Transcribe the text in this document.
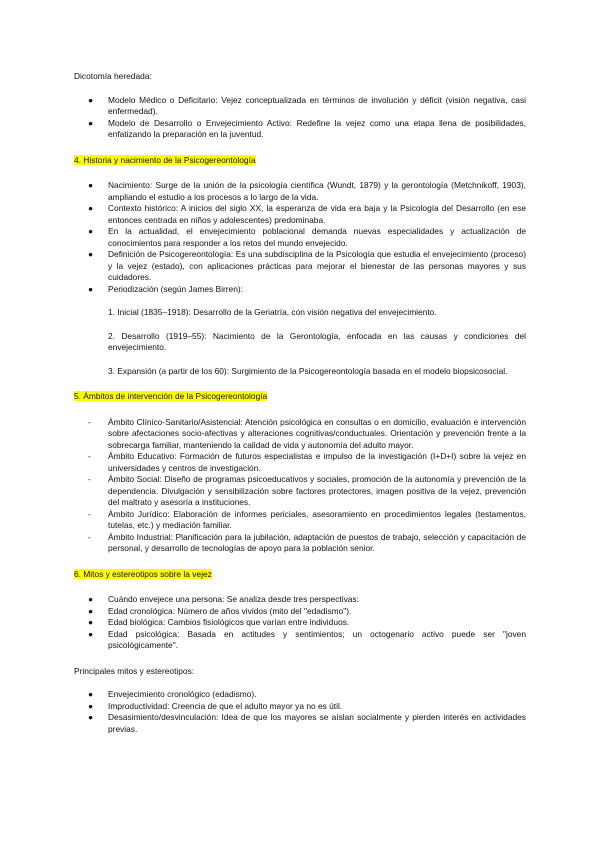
Dicotomía heredada:

●	Modelo Médico o Deficitario: Vejez conceptualizada en términos de involución y déficit (visión negativa, casi enfermedad).
●	Modelo de Desarrollo o Envejecimiento Activo: Redefine la vejez como una etapa llena de posibilidades, enfatizando la preparación en la juventud.

4. Historia y nacimiento de la Psicogereontología

●	Nacimiento: Surge de la unión de la psicología científica (Wundt, 1879) y la gerontología (Metchnikoff, 1903), ampliando el estudio a los procesos a lo largo de la vida.
●	Contexto histórico: A inicios del siglo XX, la esperanza de vida era baja y la Psicología del Desarrollo (en ese entonces centrada en niños y adolescentes) predominaba.
●	En la actualidad, el envejecimiento poblacional demanda nuevas especialidades y actualización de conocimientos para responder a los retos del mundo envejecido.
●	Definición de Psicogereontología: Es una subdisciplina de la Psicología que estudia el envejecimiento (proceso) y la vejez (estado), con aplicaciones prácticas para mejorar el bienestar de las personas mayores y sus cuidadores.
●	Periodización (según James Birren):

1. Inicial (1835–1918): Desarrollo de la Geriatría, con visión negativa del envejecimiento.

2. Desarrollo (1919–55): Nacimiento de la Gerontología, enfocada en las causas y condiciones del envejecimiento.

3. Expansión (a partir de los 60): Surgimiento de la Psicogereontología basada en el modelo biopsicosocial.

5. Ámbitos de intervención de la Psicogereontología

-	Ámbito Clínico-Sanitario/Asistencial: Atención psicológica en consultas o en domicilio, evaluación e intervención sobre afectaciones socio-afectivas y alteraciones cognitivas/conductuales. Orientación y prevención frente a la sobrecarga familiar, manteniendo la calidad de vida y autonomía del adulto mayor.
-	Ámbito Educativo: Formación de futuros especialistas e impulso de la investigación (I+D+I) sobre la vejez en universidades y centros de investigación.
-	Ámbito Social: Diseño de programas psicoeducativos y sociales, promoción de la autonomía y prevención de la dependencia. Divulgación y sensibilización sobre factores protectores, imagen positiva de la vejez, prevención del maltrato y asesoría a instituciones.
-	Ámbito Jurídico: Elaboración de informes periciales, asesoramiento en procedimientos legales (testamentos, tutelas, etc.) y mediación familiar.
-	Ámbito Industrial: Planificación para la jubilación, adaptación de puestos de trabajo, selección y capacitación de personal, y desarrollo de tecnologías de apoyo para la población senior.

6. Mitos y estereotipos sobre la vejez

●	Cuándo envejece una persona: Se analiza desde tres perspectivas:
●	Edad cronológica: Número de años vividos (mito del "edadismo").
●	Edad biológica: Cambios fisiológicos que varían entre individuos.
●	Edad psicológica: Basada en actitudes y sentimientos; un octogenario activo puede ser "joven psicológicamente".

Principales mitos y estereotipos:

●	Envejecimiento cronológico (edadismo).
●	Improductividad: Creencia de que el adulto mayor ya no es útil.
●	Desasimiento/desvinculación: Idea de que los mayores se aíslan socialmente y pierden interés en actividades previas.
